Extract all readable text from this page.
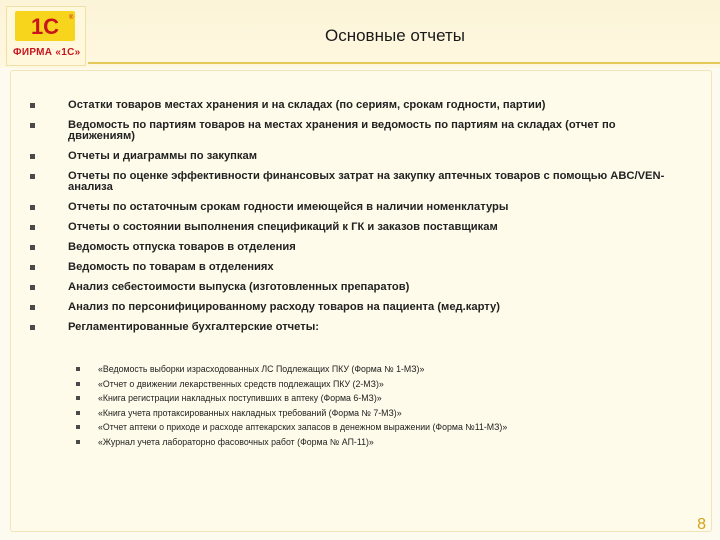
1С ®
ФИРМА «1С»
Основные отчеты
Остатки товаров местах хранения и на складах (по сериям, срокам годности, партии)
Ведомость по партиям товаров на местах хранения и ведомость по партиям на складах (отчет по движениям)
Отчеты и диаграммы по закупкам
Отчеты по оценке эффективности финансовых затрат на закупку аптечных товаров с помощью ABC/VEN-анализа
Отчеты по остаточным срокам годности имеющейся в наличии номенклатуры
Отчеты о состоянии выполнения спецификаций к ГК и заказов поставщикам
Ведомость отпуска товаров в отделения
Ведомость по товарам в отделениях
Анализ себестоимости выпуска (изготовленных препаратов)
Анализ по персонифицированному расходу товаров на пациента (мед.карту)
Регламентированные бухгалтерские отчеты:
«Ведомость выборки израсходованных ЛС Подлежащих ПКУ (Форма № 1-МЗ)»
«Отчет о движении лекарственных средств подлежащих ПКУ (2-МЗ)»
«Книга регистрации накладных поступивших в аптеку (Форма 6-МЗ)»
«Книга учета протаксированных накладных требований (Форма № 7-МЗ)»
«Отчет аптеки о приходе и расходе аптекарских запасов в денежном выражении (Форма №11-МЗ)»
«Журнал учета лабораторно фасовочных работ (Форма № АП-11)»
8
